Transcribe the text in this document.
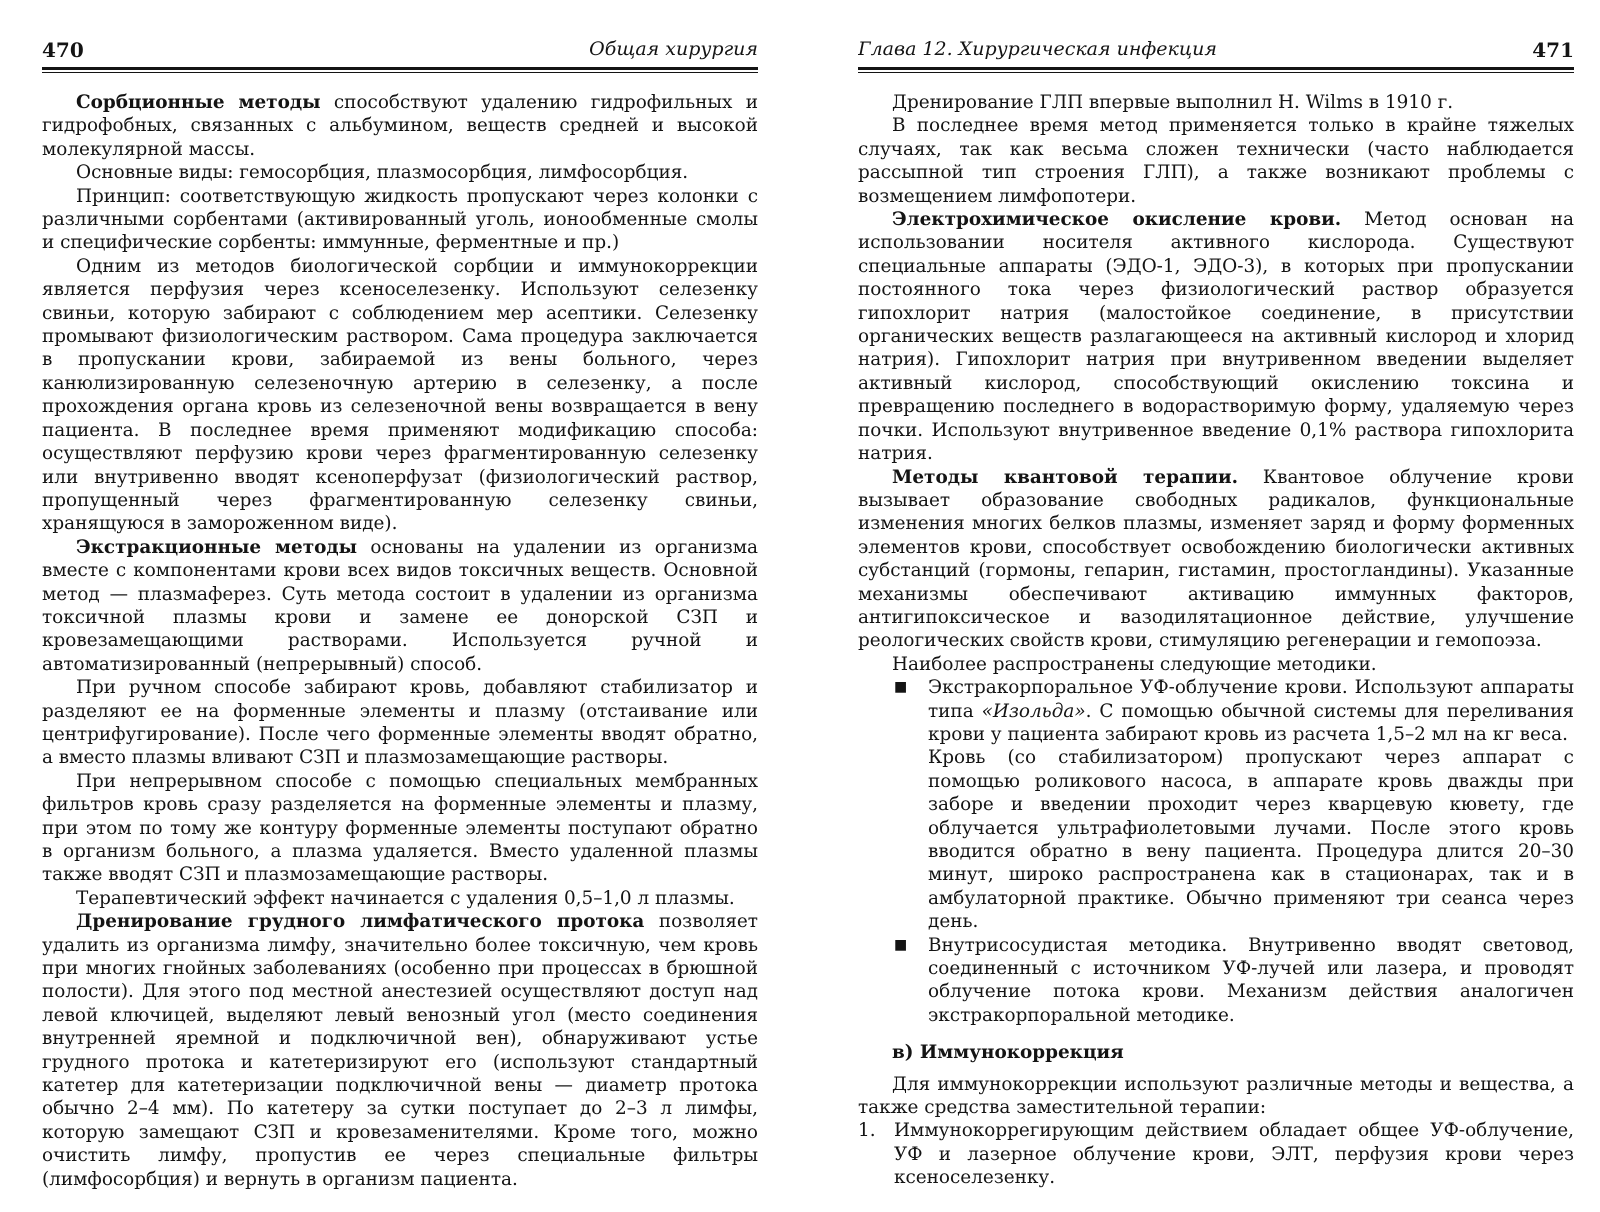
470	Общая хирургия

Сорбционные методы способствуют удалению гидрофильных и гидрофобных, связанных с альбумином, веществ средней и высокой молекулярной массы.

Основные виды: гемосорбция, плазмосорбция, лимфосорбция.

Принцип: соответствующую жидкость пропускают через колонки с различными сорбентами (активированный уголь, ионообменные смолы и специфические сорбенты: иммунные, ферментные и пр.)

Одним из методов биологической сорбции и иммунокоррекции является перфузия через ксеноселезенку. Используют селезенку свиньи, которую забирают с соблюдением мер асептики. Селезенку промывают физиологическим раствором. Сама процедура заключается в пропускании крови, забираемой из вены больного, через канюлизированную селезеночную артерию в селезенку, а после прохождения органа кровь из селезеночной вены возвращается в вену пациента. В последнее время применяют модификацию способа: осуществляют перфузию крови через фрагментированную селезенку или внутривенно вводят ксеноперфузат (физиологический раствор, пропущенный через фрагментированную селезенку свиньи, хранящуюся в замороженном виде).

Экстракционные методы основаны на удалении из организма вместе с компонентами крови всех видов токсичных веществ. Основной метод — плазмаферез. Суть метода состоит в удалении из организма токсичной плазмы крови и замене ее донорской СЗП и кровезамещающими растворами. Используется ручной и автоматизированный (непрерывный) способ.

При ручном способе забирают кровь, добавляют стабилизатор и разделяют ее на форменные элементы и плазму (отстаивание или центрифугирование). После чего форменные элементы вводят обратно, а вместо плазмы вливают СЗП и плазмозамещающие растворы.

При непрерывном способе с помощью специальных мембранных фильтров кровь сразу разделяется на форменные элементы и плазму, при этом по тому же контуру форменные элементы поступают обратно в организм больного, а плазма удаляется. Вместо удаленной плазмы также вводят СЗП и плазмозамещающие растворы.

Терапевтический эффект начинается с удаления 0,5–1,0 л плазмы.

Дренирование грудного лимфатического протока позволяет удалить из организма лимфу, значительно более токсичную, чем кровь при многих гнойных заболеваниях (особенно при процессах в брюшной полости). Для этого под местной анестезией осуществляют доступ над левой ключицей, выделяют левый венозный угол (место соединения внутренней яремной и подключичной вен), обнаруживают устье грудного протока и катетеризируют его (используют стандартный катетер для катетеризации подключичной вены — диаметр протока обычно 2–4 мм). По катетеру за сутки поступает до 2–3 л лимфы, которую замещают СЗП и кровезаменителями. Кроме того, можно очистить лимфу, пропустив ее через специальные фильтры (лимфосорбция) и вернуть в организм пациента.

Глава 12. Хирургическая инфекция	471

Дренирование ГЛП впервые выполнил H. Wilms в 1910 г.

В последнее время метод применяется только в крайне тяжелых случаях, так как весьма сложен технически (часто наблюдается рассыпной тип строения ГЛП), а также возникают проблемы с возмещением лимфопотери.

Электрохимическое окисление крови. Метод основан на использовании носителя активного кислорода. Существуют специальные аппараты (ЭДО-1, ЭДО-3), в которых при пропускании постоянного тока через физиологический раствор образуется гипохлорит натрия (малостойкое соединение, в присутствии органических веществ разлагающееся на активный кислород и хлорид натрия). Гипохлорит натрия при внутривенном введении выделяет активный кислород, способствующий окислению токсина и превращению последнего в водорастворимую форму, удаляемую через почки. Используют внутривенное введение 0,1% раствора гипохлорита натрия.

Методы квантовой терапии. Квантовое облучение крови вызывает образование свободных радикалов, функциональные изменения многих белков плазмы, изменяет заряд и форму форменных элементов крови, способствует освобождению биологически активных субстанций (гормоны, гепарин, гистамин, простогландины). Указанные механизмы обеспечивают активацию иммунных факторов, антигипоксическое и вазодилятационное действие, улучшение реологических свойств крови, стимуляцию регенерации и гемопоэза.

Наиболее распространены следующие методики.

■ Экстракорпоральное УФ-облучение крови. Используют аппараты типа «Изольда». С помощью обычной системы для переливания крови у пациента забирают кровь из расчета 1,5–2 мл на кг веса.

Кровь (со стабилизатором) пропускают через аппарат с помощью роликового насоса, в аппарате кровь дважды при заборе и введении проходит через кварцевую кювету, где облучается ультрафиолетовыми лучами. После этого кровь вводится обратно в вену пациента. Процедура длится 20–30 минут, широко распространена как в стационарах, так и в амбулаторной практике. Обычно применяют три сеанса через день.

■ Внутрисосудистая методика. Внутривенно вводят световод, соединенный с источником УФ-лучей или лазера, и проводят облучение потока крови. Механизм действия аналогичен экстракорпоральной методике.

в) Иммунокоррекция

Для иммунокоррекции используют различные методы и вещества, а также средства заместительной терапии:

1. Иммунокоррегирующим действием обладает общее УФ-облучение, УФ и лазерное облучение крови, ЭЛТ, перфузия крови через ксеноселезенку.
